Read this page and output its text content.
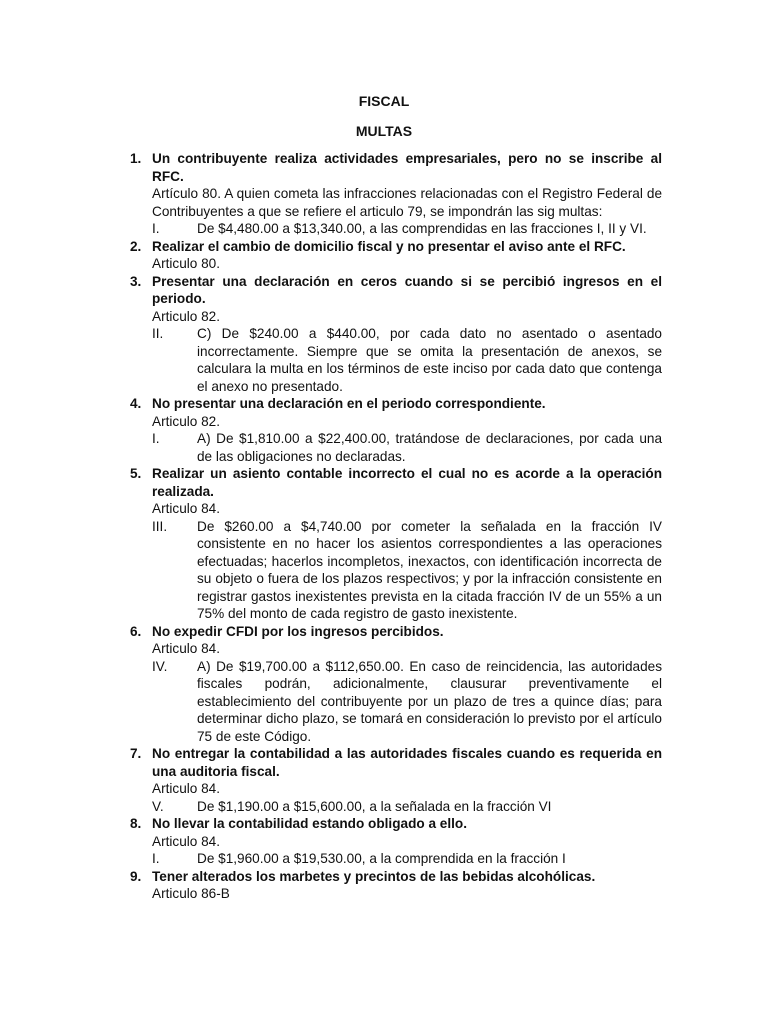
FISCAL
MULTAS
1. Un contribuyente realiza actividades empresariales, pero no se inscribe al RFC.
Artículo 80. A quien cometa las infracciones relacionadas con el Registro Federal de Contribuyentes a que se refiere el articulo 79, se impondrán las sig multas:
I.	De $4,480.00 a $13,340.00, a las comprendidas en las fracciones I, II y VI.
2. Realizar el cambio de domicilio fiscal y no presentar el aviso ante el RFC.
Articulo 80.
3. Presentar una declaración en ceros cuando si se percibió ingresos en el periodo.
Articulo 82.
II. C) De $240.00 a $440.00, por cada dato no asentado o asentado incorrectamente. Siempre que se omita la presentación de anexos, se calculara la multa en los términos de este inciso por cada dato que contenga el anexo no presentado.
4. No presentar una declaración en el periodo correspondiente.
Articulo 82.
I.	A) De $1,810.00 a $22,400.00, tratándose de declaraciones, por cada una de las obligaciones no declaradas.
5. Realizar un asiento contable incorrecto el cual no es acorde a la operación realizada.
Articulo 84.
III. De $260.00 a $4,740.00 por cometer la señalada en la fracción IV consistente en no hacer los asientos correspondientes a las operaciones efectuadas; hacerlos incompletos, inexactos, con identificación incorrecta de su objeto o fuera de los plazos respectivos; y por la infracción consistente en registrar gastos inexistentes prevista en la citada fracción IV de un 55% a un 75% del monto de cada registro de gasto inexistente.
6. No expedir CFDI por los ingresos percibidos.
Articulo 84.
IV. A) De $19,700.00 a $112,650.00. En caso de reincidencia, las autoridades fiscales podrán, adicionalmente, clausurar preventivamente el establecimiento del contribuyente por un plazo de tres a quince días; para determinar dicho plazo, se tomará en consideración lo previsto por el artículo 75 de este Código.
7. No entregar la contabilidad a las autoridades fiscales cuando es requerida en una auditoria fiscal.
Articulo 84.
V. De $1,190.00 a $15,600.00, a la señalada en la fracción VI
8. No llevar la contabilidad estando obligado a ello.
Articulo 84.
I.	De $1,960.00 a $19,530.00, a la comprendida en la fracción I
9. Tener alterados los marbetes y precintos de las bebidas alcohólicas.
Articulo 86-B
